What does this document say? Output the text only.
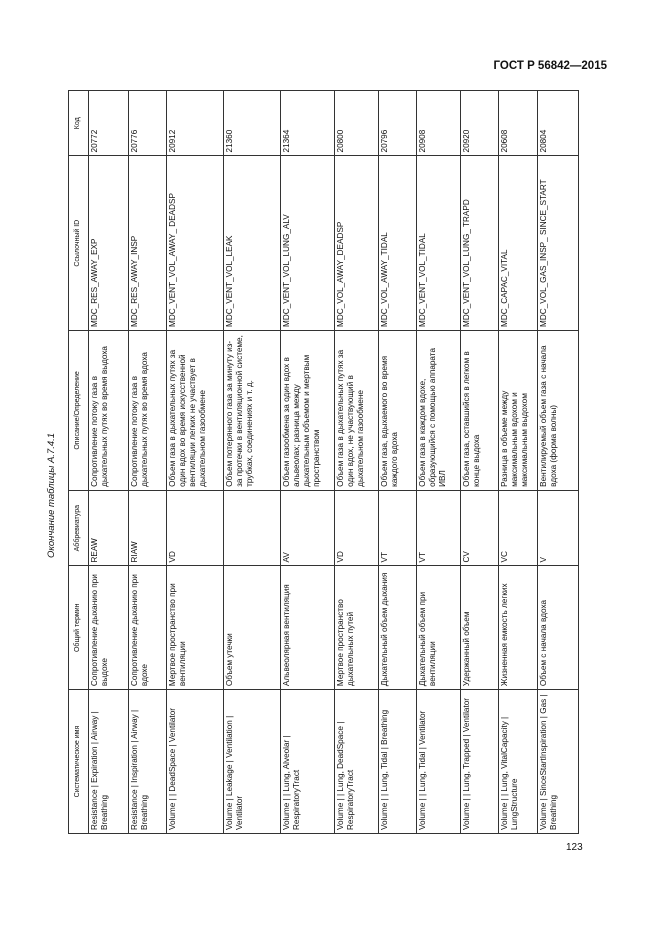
ГОСТ Р 56842—2015
Окончание таблицы А.7.4.1
Систематическое имя	Общий термин	Аббревиатура	Описание/Определение	Ссылочный ID	Код
Resistance | Expiration | Airway | Breathing	Сопротивление дыханию при выдохе	REAW	Сопротивление потоку газа в дыхательных путях во время выдоха	MDC_RES_AWAY_EXP	20772
Resistance | Inspiration | Airway | Breathing	Сопротивление дыханию при вдохе	RIAW	Сопротивление потоку газа в дыхательных путях во время вдоха	MDC_RES_AWAY_INSP	20776
Volume | | DeadSpace | Ventilator	Мертвое пространство при вентиляции	VD	Объем газа в дыхательных путях за один вдох во время искусственной вентиляции легких не участвует в дыхательном газообмене	MDC_VENT_VOL_AWAY_ DEADSP	20912
Volume | Leakage | Ventilation | Ventilator	Объем утечки		Объем потерянного газа за минуту из-за протечки в вентиляционной системе, трубках, соединениях и т. д.	MDC_VENT_VOL_LEAK	21360
Volume | | Lung, Alveolar | RespiratoryTract	Альвеолярная вентиляция	AV	Объем газообмена за один вдох в альвеолах; разница между дыхательным объемом и мертвым пространством	MDC_VENT_VOL_LUNG_ALV	21364
Volume | | Lung, DeadSpace | RespiratoryTract	Мертвое пространство дыхательных путей	VD	Объем газа в дыхательных путях за один вдох, не участвующий в дыхательном газообмене	MDC_VOL_AWAY_DEADSP	20800
Volume | | Lung, Tidal | Breathing	Дыхательный объем дыхания	VT	Объем газа, вдыхаемого во время каждого вдоха	MDC_VOL_AWAY_TIDAL	20796
Volume | | Lung, Tidal | Ventilator	Дыхательный объем при вентиляции	VT	Объем газа в каждом вдохе, образующийся с помощью аппарата ИВЛ	MDC_VENT_VOL_TIDAL	20908
Volume | | Lung, Trapped | Ventilator	Удержанный объем	CV	Объем газа, оставшийся в легком в конце выдоха	MDC_VENT_VOL_LUNG_ TRAPD	20920
Volume | | Lung, VitalCapacity | LungStructure	Жизненная емкость легких	VC	Разница в объеме между максимальным вдохом и максимальным выдохом	MDC_CAPAC_VITAL	20608
Volume | SinceStartInspiration | Gas | Breathing	Объем с начала вдоха	V	Вентилируемый объем газа с начала вдоха (форма волны)	MDC_VOL_GAS_INSP_ SINCE_START	20804
123
